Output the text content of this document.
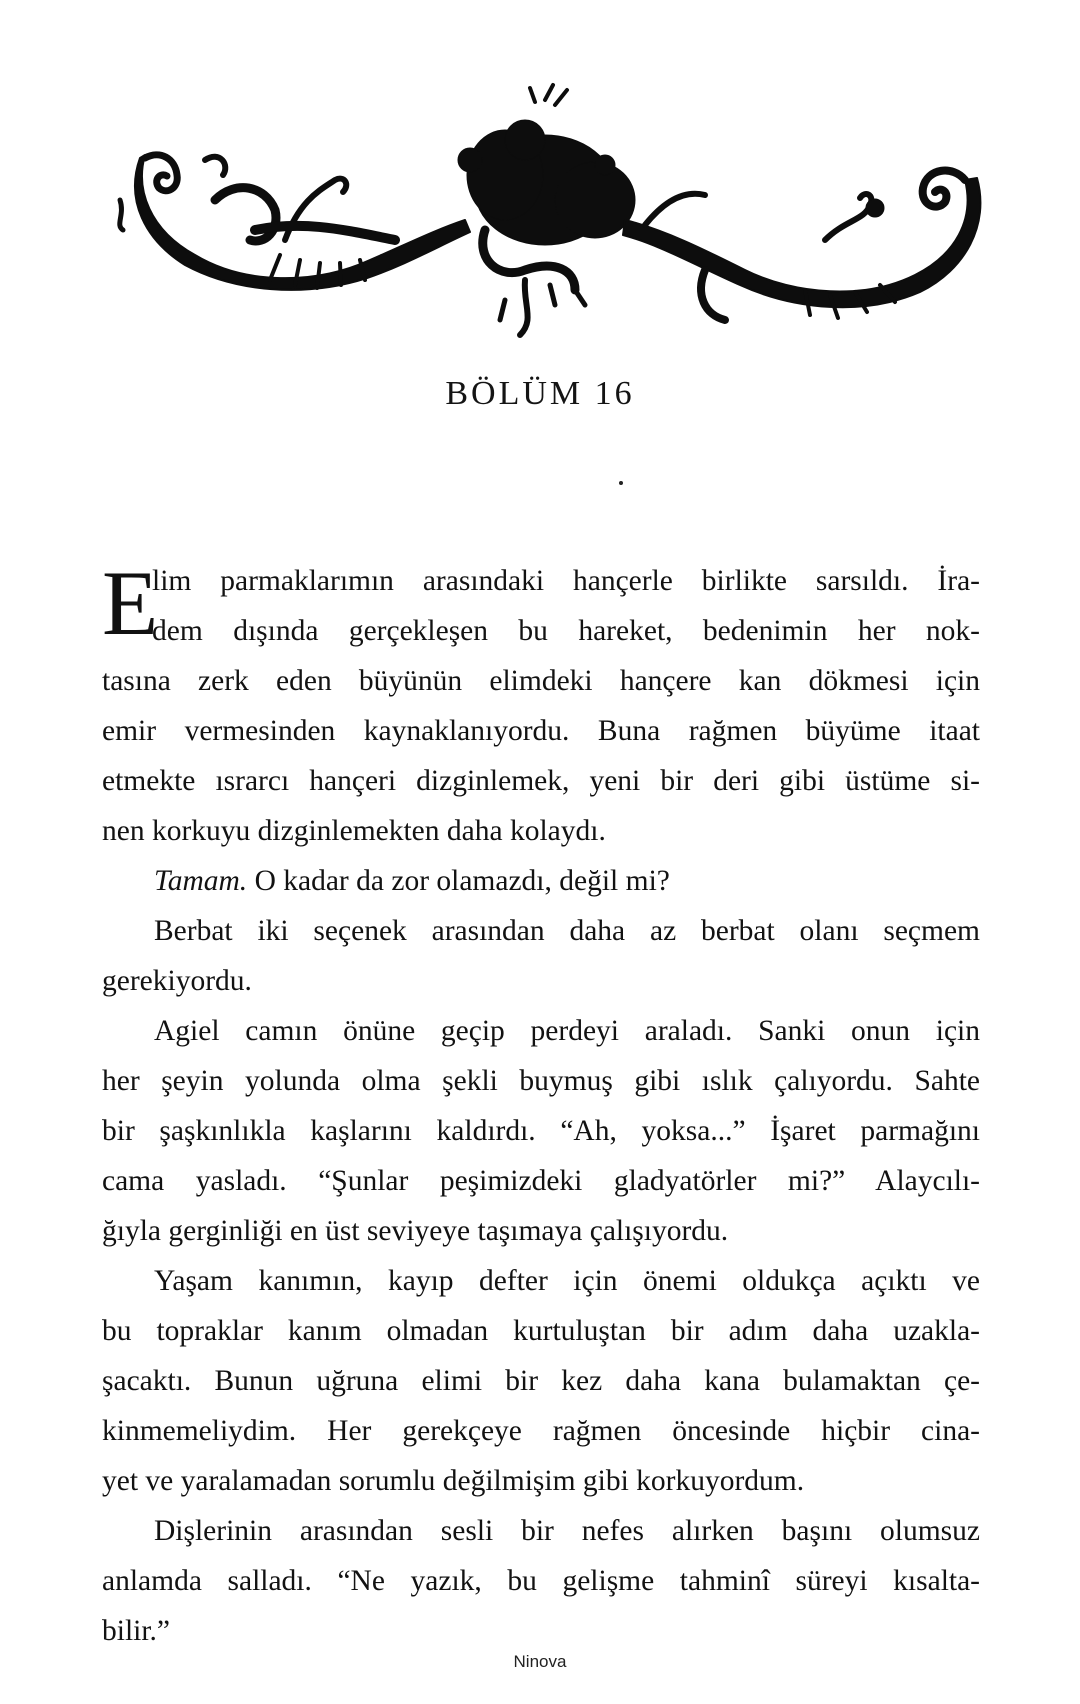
BÖLÜM 16
E
lim parmaklarımın arasındaki hançerle birlikte sarsıldı. İra-
dem dışında gerçekleşen bu hareket, bedenimin her nok-
tasına zerk eden büyünün elimdeki hançere kan dökmesi için
emir vermesinden kaynaklanıyordu. Buna rağmen büyüme itaat
etmekte ısrarcı hançeri dizginlemek, yeni bir deri gibi üstüme si-
nen korkuyu dizginlemekten daha kolaydı.
Tamam. O kadar da zor olamazdı, değil mi?
Berbat iki seçenek arasından daha az berbat olanı seçmem
gerekiyordu.
Agiel camın önüne geçip perdeyi araladı. Sanki onun için
her şeyin yolunda olma şekli buymuş gibi ıslık çalıyordu. Sahte
bir şaşkınlıkla kaşlarını kaldırdı. “Ah, yoksa...” İşaret parmağını
cama yasladı. “Şunlar peşimizdeki gladyatörler mi?” Alaycılı-
ğıyla gerginliği en üst seviyeye taşımaya çalışıyordu.
Yaşam kanımın, kayıp defter için önemi oldukça açıktı ve
bu topraklar kanım olmadan kurtuluştan bir adım daha uzakla-
şacaktı. Bunun uğruna elimi bir kez daha kana bulamaktan çe-
kinmemeliydim. Her gerekçeye rağmen öncesinde hiçbir cina-
yet ve yaralamadan sorumlu değilmişim gibi korkuyordum.
Dişlerinin arasından sesli bir nefes alırken başını olumsuz
anlamda salladı. “Ne yazık, bu gelişme tahminî süreyi kısalta-
bilir.”
Ninova
